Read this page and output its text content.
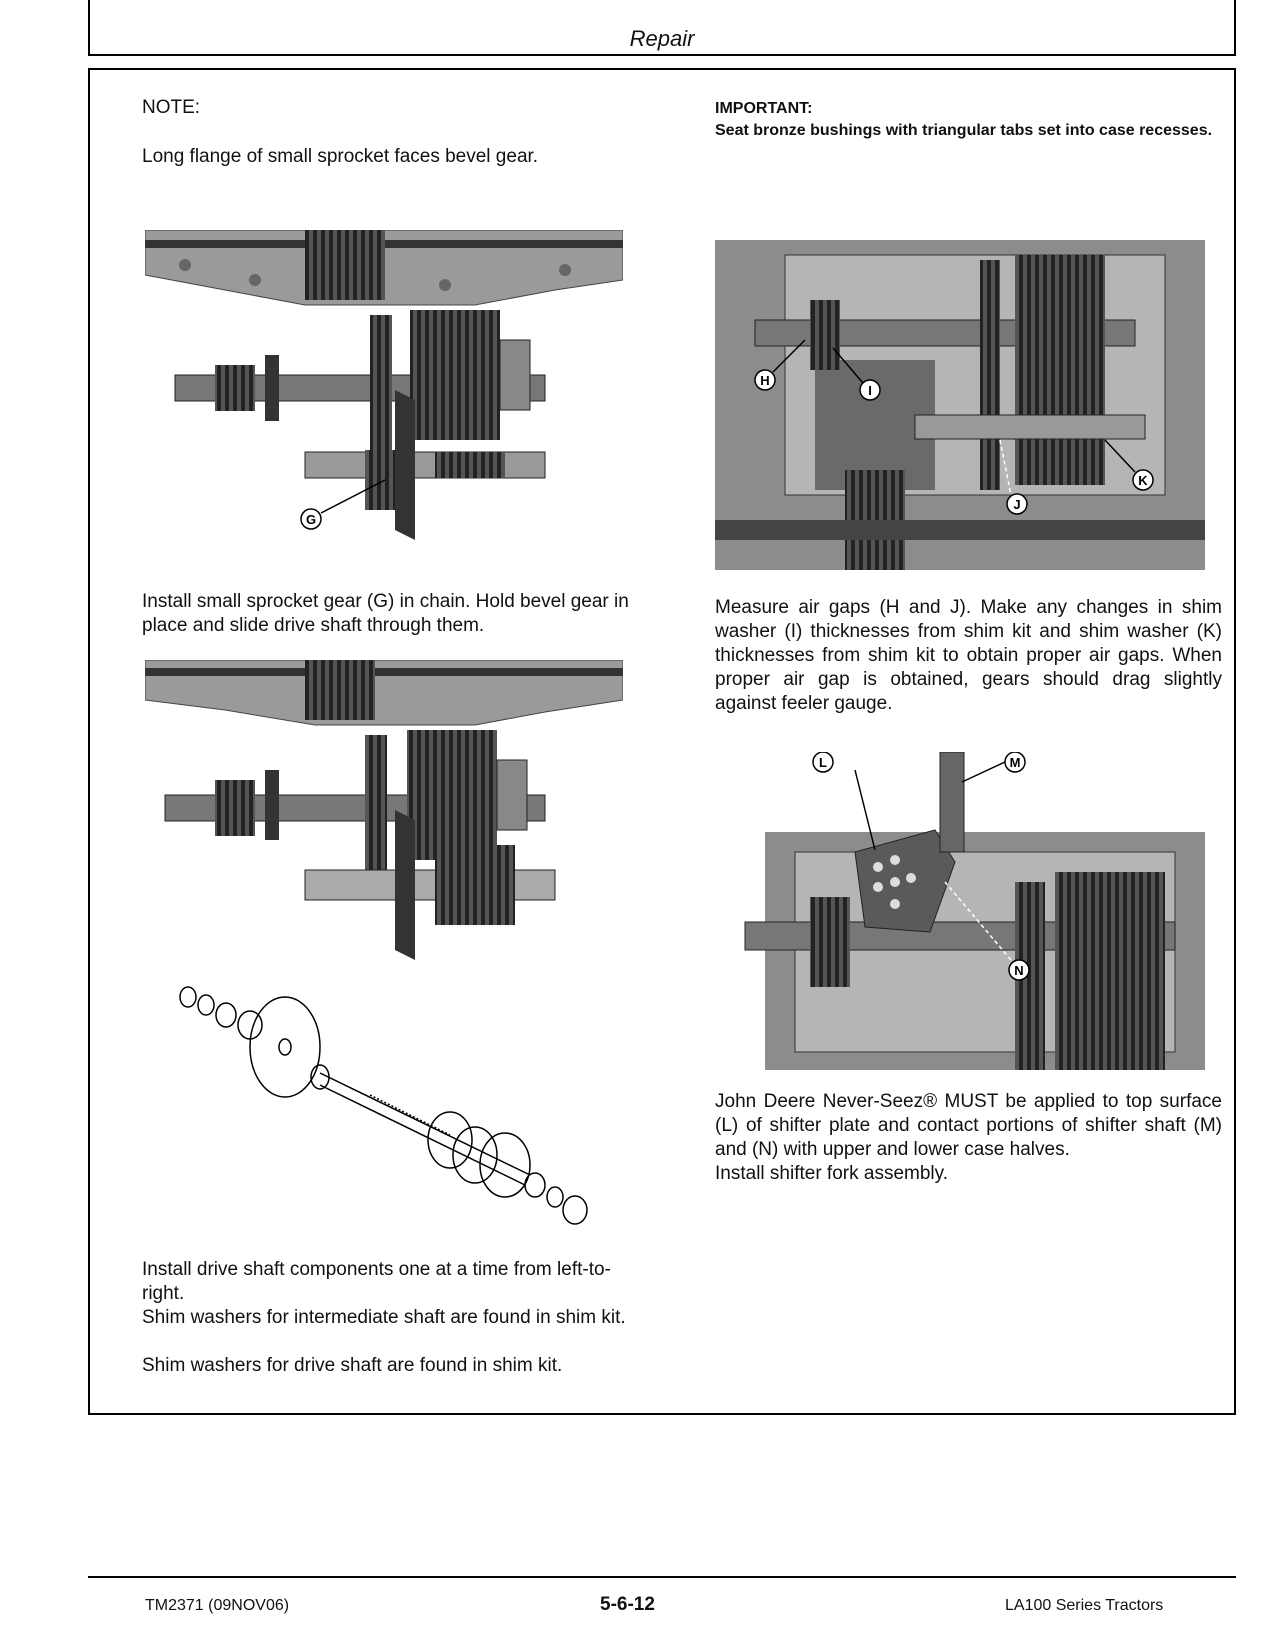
Repair
NOTE:
Long flange of small sprocket faces bevel gear.
G
Install small sprocket gear (G) in chain. Hold bevel gear in place and slide drive shaft through them.
Install drive shaft components one at a time from left-to-right.
Shim washers for intermediate shaft are found in shim kit.
Shim washers for drive shaft are found in shim kit.
IMPORTANT:
Seat bronze bushings with triangular tabs set into case recesses.
H
I
J
K
Measure air gaps (H and J). Make any changes in shim washer (I) thicknesses from shim kit and shim washer (K) thicknesses from shim kit to obtain proper air gaps. When proper air gap is obtained, gears should drag slightly against feeler gauge.
L	M
N
John Deere Never-Seez® MUST be applied to top surface (L) of shifter plate and contact portions of shifter shaft (M) and (N) with upper and lower case halves.
Install shifter fork assembly.
TM2371 (09NOV06)	5-6-12	LA100 Series Tractors
